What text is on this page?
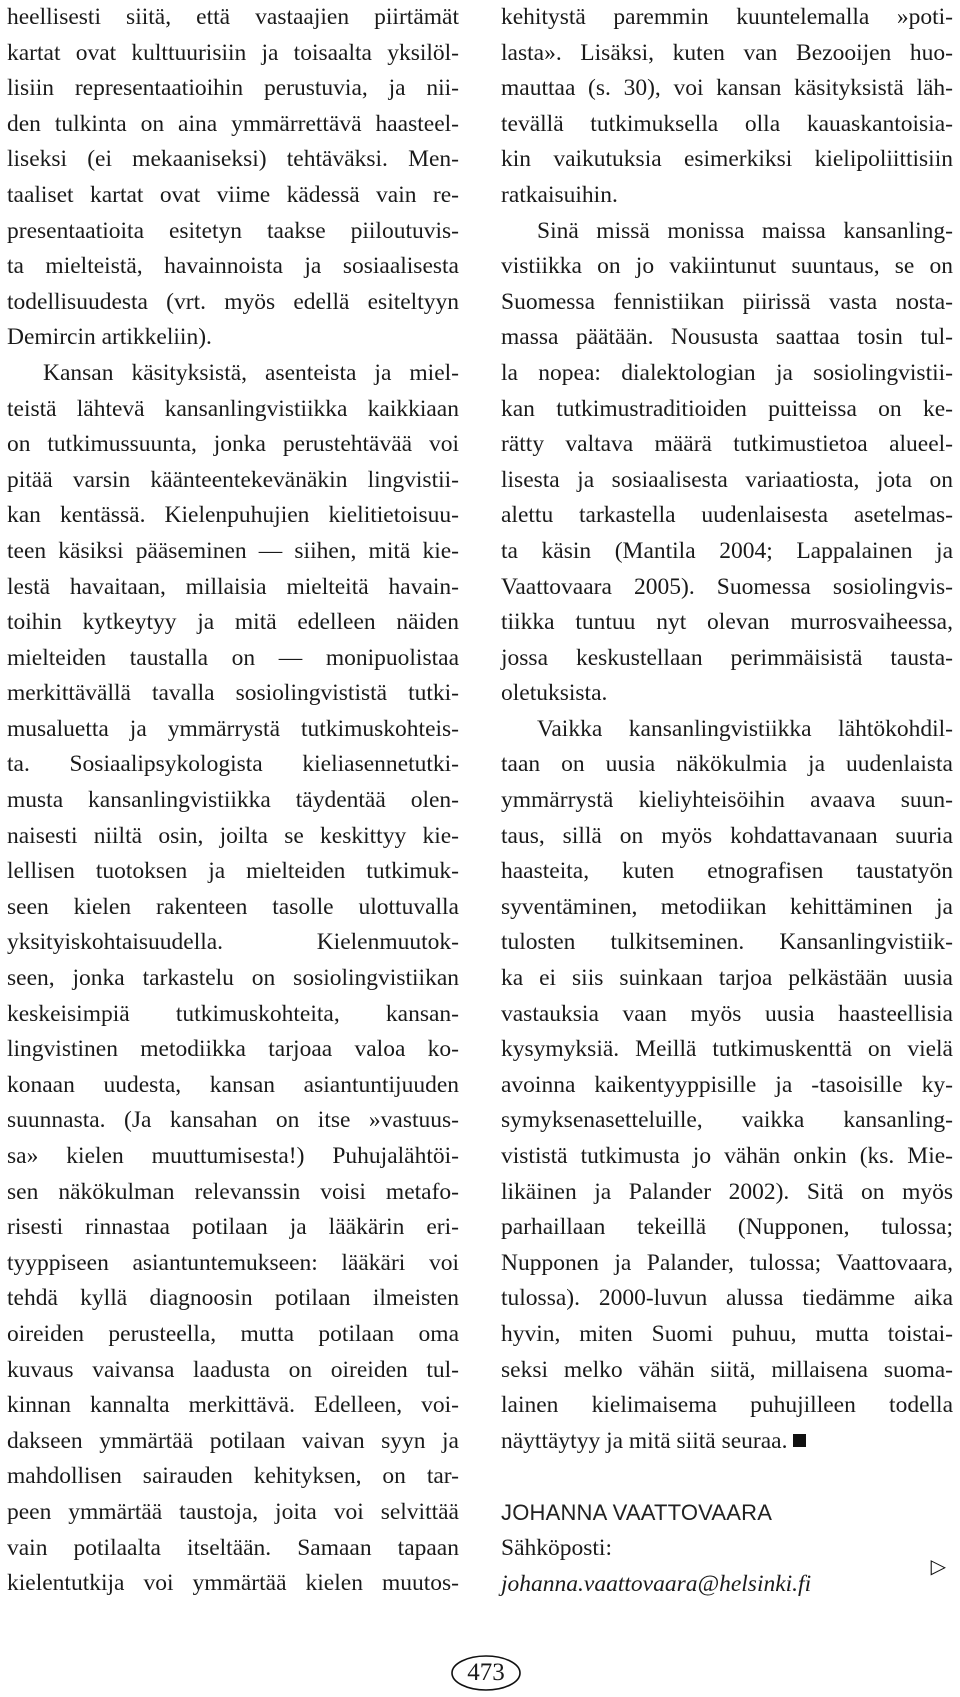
heellisesti siitä, että vastaajien piirtämät
kartat ovat kulttuurisiin ja toisaalta yksilöl-
lisiin representaatioihin perustuvia, ja nii-
den tulkinta on aina ymmärrettävä haasteel-
liseksi (ei mekaaniseksi) tehtäväksi. Men-
taaliset kartat ovat viime kädessä vain re-
presentaatioita esitetyn taakse piiloutuvis-
ta mielteistä, havainnoista ja sosiaalisesta
todellisuudesta (vrt. myös edellä esiteltyyn
Demircin artikkeliin).
Kansan käsityksistä, asenteista ja miel-
teistä lähtevä kansanlingvistiikka kaikkiaan
on tutkimussuunta, jonka perustehtävää voi
pitää varsin käänteentekevänäkin lingvistii-
kan kentässä. Kielenpuhujien kielitietoisuu-
teen käsiksi pääseminen — siihen, mitä kie-
lestä havaitaan, millaisia mielteitä havain-
toihin kytkeytyy ja mitä edelleen näiden
mielteiden taustalla on — monipuolistaa
merkittävällä tavalla sosiolingvististä tutki-
musaluetta ja ymmärrystä tutkimuskohteis-
ta. Sosiaalipsykologista kieliasennetutki-
musta kansanlingvistiikka täydentää olen-
naisesti niiltä osin, joilta se keskittyy kie-
lellisen tuotoksen ja mielteiden tutkimuk-
seen kielen rakenteen tasolle ulottuvalla
yksityiskohtaisuudella. Kielenmuutok-
seen, jonka tarkastelu on sosiolingvistiikan
keskeisimpiä tutkimuskohteita, kansan-
lingvistinen metodiikka tarjoaa valoa ko-
konaan uudesta, kansan asiantuntijuuden
suunnasta. (Ja kansahan on itse »vastuus-
sa» kielen muuttumisesta!) Puhujalähtöi-
sen näkökulman relevanssin voisi metafo-
risesti rinnastaa potilaan ja lääkärin eri-
tyyppiseen asiantuntemukseen: lääkäri voi
tehdä kyllä diagnoosin potilaan ilmeisten
oireiden perusteella, mutta potilaan oma
kuvaus vaivansa laadusta on oireiden tul-
kinnan kannalta merkittävä. Edelleen, voi-
dakseen ymmärtää potilaan vaivan syyn ja
mahdollisen sairauden kehityksen, on tar-
peen ymmärtää taustoja, joita voi selvittää
vain potilaalta itseltään. Samaan tapaan
kielentutkija voi ymmärtää kielen muutos-
kehitystä paremmin kuuntelemalla »poti-
lasta». Lisäksi, kuten van Bezooijen huo-
mauttaa (s. 30), voi kansan käsityksistä läh-
tevällä tutkimuksella olla kauaskantoisia-
kin vaikutuksia esimerkiksi kielipoliittisiin
ratkaisuihin.
Sinä missä monissa maissa kansanling-
vistiikka on jo vakiintunut suuntaus, se on
Suomessa fennistiikan piirissä vasta nosta-
massa päätään. Noususta saattaa tosin tul-
la nopea: dialektologian ja sosiolingvistii-
kan tutkimustraditioiden puitteissa on ke-
rätty valtava määrä tutkimustietoa alueel-
lisesta ja sosiaalisesta variaatiosta, jota on
alettu tarkastella uudenlaisesta asetelmas-
ta käsin (Mantila 2004; Lappalainen ja
Vaattovaara 2005). Suomessa sosiolingvis-
tiikka tuntuu nyt olevan murrosvaiheessa,
jossa keskustellaan perimmäisistä tausta-
oletuksista.
Vaikka kansanlingvistiikka lähtökohdil-
taan on uusia näkökulmia ja uudenlaista
ymmärrystä kieliyhteisöihin avaava suun-
taus, sillä on myös kohdattavanaan suuria
haasteita, kuten etnografisen taustatyön
syventäminen, metodiikan kehittäminen ja
tulosten tulkitseminen. Kansanlingvistiik-
ka ei siis suinkaan tarjoa pelkästään uusia
vastauksia vaan myös uusia haasteellisia
kysymyksiä. Meillä tutkimuskenttä on vielä
avoinna kaikentyyppisille ja -tasoisille ky-
symyksenasetteluille, vaikka kansanling-
vististä tutkimusta jo vähän onkin (ks. Mie-
likäinen ja Palander 2002). Sitä on myös
parhaillaan tekeillä (Nupponen, tulossa;
Nupponen ja Palander, tulossa; Vaattovaara,
tulossa). 2000-luvun alussa tiedämme aika
hyvin, miten Suomi puhuu, mutta toistai-
seksi melko vähän siitä, millaisena suoma-
lainen kielimaisema puhujilleen todella
näyttäytyy ja mitä siitä seuraa.
JOHANNA VAATTOVAARA
Sähköposti:
johanna.vaattovaara@helsinki.fi
▷
473
